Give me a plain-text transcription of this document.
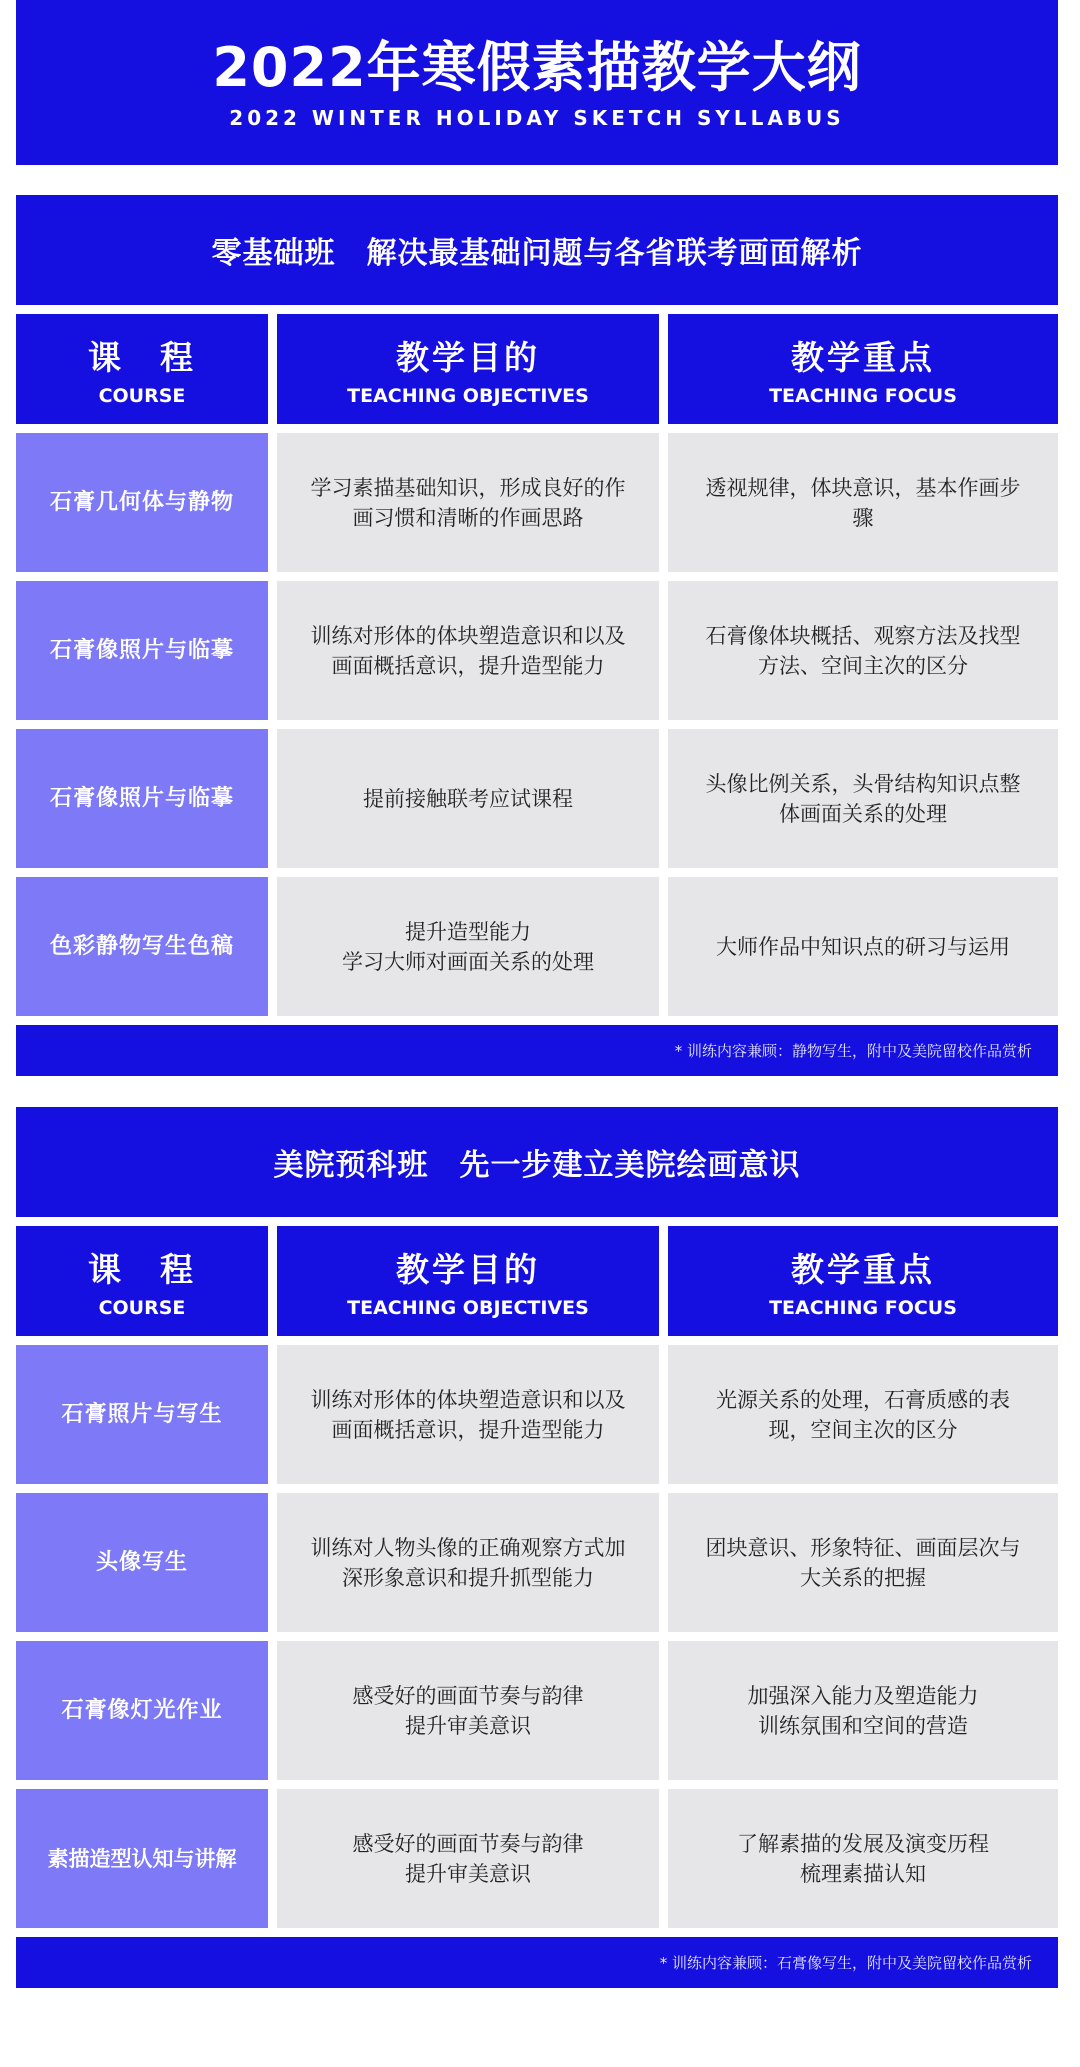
2022年寒假素描教学大纲
2022 WINTER HOLIDAY SKETCH SYLLABUS
零基础班　解决最基础问题与各省联考画面解析
课　程
COURSE
教学目的
TEACHING OBJECTIVES
教学重点
TEACHING FOCUS
石膏几何体与静物
学习素描基础知识，形成良好的作画习惯和清晰的作画思路
透视规律，体块意识，基本作画步骤
石膏像照片与临摹
训练对形体的体块塑造意识和以及画面概括意识，提升造型能力
石膏像体块概括、观察方法及找型方法、空间主次的区分
石膏像照片与临摹	提前接触联考应试课程
头像比例关系，头骨结构知识点整体画面关系的处理
色彩静物写生色稿
提升造型能力
学习大师对画面关系的处理
大师作品中知识点的研习与运用
* 训练内容兼顾：静物写生，附中及美院留校作品赏析
美院预科班　先一步建立美院绘画意识
课　程
COURSE
教学目的
TEACHING OBJECTIVES
教学重点
TEACHING FOCUS
石膏照片与写生
训练对形体的体块塑造意识和以及画面概括意识，提升造型能力
光源关系的处理，石膏质感的表现，空间主次的区分
头像写生
训练对人物头像的正确观察方式加深形象意识和提升抓型能力
团块意识、形象特征、画面层次与大关系的把握
石膏像灯光作业
感受好的画面节奏与韵律
提升审美意识
加强深入能力及塑造能力
训练氛围和空间的营造
素描造型认知与讲解
感受好的画面节奏与韵律
提升审美意识
了解素描的发展及演变历程
梳理素描认知
* 训练内容兼顾：石膏像写生，附中及美院留校作品赏析
